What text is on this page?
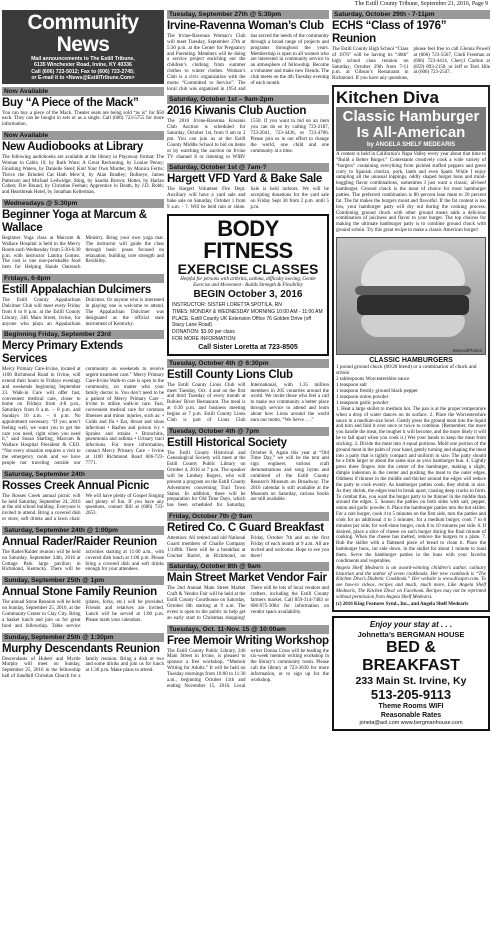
The Estill County Tribune, September 21, 2016, Page 9
Community News
Mail announcements to The Estill Tribune,
6135 Winchester Road, Irvine, KY 40336
Call (606) 723-5012; Fax to (606) 723-2745;
or E-mail it to <News@EstillTribune.Com>
Now Available
Buy “A Piece of the Mack”
You can buy a piece of the Mack. Theater seats are being sold “as is” for $50 each. They can be bought in sets or as a single. Call (606) 723-5755 for more information.
Now Available
New Audiobooks at Library
The following audiobooks are available at the library in Playaway format: The Woman in Cabin 10, by Ruth Ware; A Great Reckoning, by Louise Penny; Finishing Waters, by Danielle Steel; Knit Your Own Murder, by Monica Ferris; Thrice the Brinded Cat Hath Mew’d, by Alan Bradley; Bullseye, James Patterson and Michael Ledwidge; Sting, by Sandra Brown; Hotter, by Harlan Coben; Fire Bound, by Christine Feehan; Apprentice in Death, by J.D. Robb; and Heartbreak Hotel, by Jonathan Kellerman.
Wednesdays @ 5:30pm
Beginner Yoga at Marcum & Wallace
Beginner Yoga class at Marcum & Wallace Hospital is held in the Mercy Room each Wednesday from 5:30-6:30 p.m. with instructor Lanitra Gomez. The cost is one non-perishable food item for Helping Hands Outreach Ministry. Bring your own yoga mat. The instructor will guide the class through basic poses focused on relaxation, building core strength and flexibility.
Fridays, 6-8pm
Estill Appalachian Dulcimers
The Estill County Appalachian Dulcimer Club will meet every Friday from 6 to 8 p.m. at the Estill County Library, 246 Main Street, Irvine, for anyone who plays an Appalachian Dulcimer. Or anyone who is interested in playing one is welcome to attend. The Appalachian Dulcimer was designated as the official state instrument of Kentucky.
Beginning Friday, September 23rd
Mercy Primary Extends Services
Mercy Primary Care-Irvine, located at 1100 Richmond Road in Irvine, will extend their hours to Fridays evenings and weekends beginning September 23. Walk-in Care will offer fast, convenient medical care, closer to home on Fridays from 4-8 p.m., Saturdays from 8 a.m. – 8 p.m. and Sundays 10 a.m. – 6 p.m. No appointment necessary. “If you aren’t feeling well, we want you to get the care you need, right when you need it,” said Susan Starling, Marcum & Wallace Hospital President & CEO. “Not every situation requires a visit to the emergency room and we have people not traveling outside our community on weekends to receive urgent treatment care.” Mercy Primary Care-Irvine Walk-in care is open to the community, no matter who your family doctor is. You don’t need to be a patient of Mercy Primary Care – Irvine to utilize walk-in care. Fast, convenient medical care for common illnesses and minor injuries, such as: • Colds and flu • Ear, throat and sinus infections • Rashes and poison ivy • Sprains and strains • Bronchitis, pneumonia and asthma • Urinary tract infections. For more information, contact Mercy Primary Care – Irvine at 1100 Richmond Road 606-723-7771.
Saturday, September 24th
Rosses Creek Annual Picnic
The Rosses Creek annual picnic will be held Saturday, September 24, 2016 at the old school building. Everyone is invited to attend. Bring a covered dish or store, soft drinks and a lawn chair. We will have plenty of Gospel Singing and plenty of fun. If you have any questions, contact Bill at (606) 723-2653.
Saturday, September 24th @ 1:00pm
Annual Rader/Raider Reunion
The Rader/Raider reunion will be held on Saturday, September 24th, 2016 at Cottage Park large pavilion in Richmond, Kentucky. There will be activities starting at 11:00 a.m., with covered dish lunch at 1:00 p.m. Please bring a covered dish and soft drinks enough for your attendees.
Sunday, September 25th @ 1pm
Annual Stone Family Reunion
The annual Stone Reunion will be held on Sunday, September 25, 2016, at the Community Center in Clay City. Bring a basket lunch and join us for great food and fellowship. Table service (plates, forks, etc.) will be provided. Friends and relatives are invited. Lunch will be served at 1:00 p.m. Please mark your calendars.
Sunday, September 25th @ 1:30pm
Murphy Descendants Reunion
Descendants of Hubert and Myrtle Murphy will meet on Sunday, September 25, 2016 in the fellowship hall of Sandhill Christian Church for a family reunion. Bring a dish or two and some drinks and join us for lunch at 1:30 p.m. Make plans to attend.
Tuesday, September 27th @ 5:30pm
Irvine-Ravenna Woman’s Club
The Irvine-Ravenna Woman’s Club will meet Tuesday, September 27th at 5:30 p.m. at the Center for Pregnancy and Parenting. Members will be doing a service project enriching our the children’s clothing from summer clothes to winter clothes. Woman’s Club is a civic organization with the motto “Committed to Service”. The local club was organized in 1954 and has served the needs of the community through a broad range of projects and programs throughout the years. Membership is open to all women who are interested in community service in an atmosphere of fellowship. Become a volunteer and make new friends. The club meets on the 4th Tuesday evening of each month.
Saturday, October 1st – 9am-2pm
2016 Kiwanis Club Auction
The 2016 Irvine-Ravenna Kiwanis Club Auction is scheduled for Saturday, October 1st, from 9 am to 2 pm. You can join us at the Estill County Middle School to bid on items or by watching the auction on Irvine TV channel 8 or listening to WIRV 1550. If you want to bid on an item you can do so by calling 723-2187, 723-2041, 723-4436, or 723-4706. Please join us in our effort to change the world, one child and one community at a time.
Saturday, October 1st @ 7am-?
Hargett VFD Yard & Bake Sale
The Hargett Volunteer Fire Dept. Auxiliary will have a yard sale and bake sale on Saturday, October 1 from 9 a.m. - ?. Will be held rain or shine. Sale is held indoors. We will be accepting donations for the yard sale on Friday Sept 30 from 2 p.m. until 5 p.m.
BODY FITNESS
EXERCISE CLASSES
Helpful for persons with arthritis, asthma, difficulty moving, Gentle Exercise and Movement - Builds Strength & Flexibility
BEGIN October 3, 2016
INSTRUCTOR: SISTER LORETTA SPOTILA, RN
TIMES: MONDAY & WEDNESDAY MORNING 10:00 AM - 11:00 AM
PLACE: Estill County UK Extension Office 76 Golden Drive (off Stacy Lane Road)
DONATION: $3.00 per class
FOR MORE INFORMATION:
Call Sister Loretta at 723-8505
Tuesday, October 4th @ 6:30pm
Estill County Lions Club
The Estill County Lions Club will meet Tuesday, Oct. 4 and on the first and third Tuesday of every month at Rubies’ River Restaurant. The meal is at 6:30 p.m. and business meeting begins at 7 p.m. Estill County Lions Club is part of Lions Club International, with 1.35 million members in 205 countries around the world. We invite those who feel a call to make our community a better place through service to attend and learn about how Lions around the world earn our motto, “We Serve . . .”
Tuesday, October 4th @ 7pm
Estill Historical Society
The Estill County Historical and Genealogical Society will meet at the Estill County Public Library on October 4, 2016 at 7 p.m. The speaker will be Lindsey Rogers, who will present a program on the Estill County Adventures concerning Trail Town Status. In addition, there will be preparation for Old Time Days, which has been scheduled for Saturday, October 8, Again this year at “Old Time Day,” we will be the tent and sign engineer, various craft demonstrations and song hymn and combined of the Estill County Research Museum on Broadway. The 2016 calendar is still available at the Museum on Saturday, various books are still available.
Friday, October 7th @ 9am
Retired Co. C Guard Breakfast
Attention: All retired and old National Guard members of Charlie Company 1/149th. There will be a breakfast at Cracker Barrel, in Richmond, on Friday, October 7th and on the first Friday of each month at 9 a.m. All are invited and welcome. Hope to see you there!
Saturday, October 8th @ 9am
Main Street Market Vendor Fair
The 2nd Annual Main Street Market Craft & Vendor Fair will be held at the Estill County Courthouse on Saturday, October 8th starting at 9 a.m. The event is open to the public to help get an early start to Christmas shopping! There will be lots of local vendors and crafters, including the Estill County farmers market. Call 859-314-7483 or 606-975-3084 for information on vendor space availability.
Tuesdays, Oct. 11-Nov. 15 @ 10:00am
Free Memoir Writing Workshop
The Estill County Public Library, 246 Main Street in Irvine, is pleased to sponsor a free workshop, “Memoir Writing for Adults.” It will be held on Tuesday mornings from 10:00 to 11:30 a.m., beginning October 11th and ending November 15, 2016. Local writer Donna Cross will be leading the six-week memoir writing workshop in the library’s community room. Please call the library at 723-3030 for more information, or to sign up for the workshop.
Saturday, October 29th - 7-11pm
ECHS “Class of 1976” Reunion
The Estill County High School “Class of 1976” will be having its “40th” high school class reunion on Saturday, October 29th from 7-11 p.m. at Gibson’s Restaurant in Richmond. If you have any questions, please feel free to call Glenna Powell at (606) 723-5567, Cindi Freeman at (606) 723-4414, Cheryl Carlton at (859) 893-2150, or Jeff or Terri Hile at (606) 723-2547.
Kitchen Diva
Classic Hamburger Is All-American
by ANGELA SHELF MEDEARIS
A contest is held in California’s Napa Valley every year about that time to “Build a Better Burger.” Contestants creatively cook a wide variety of “burgers” containing everything from pickled stuffed peppers and green curry to Spanish chorizo, pork, lamb and even Spam. While I enjoy sampling all the unusual toppings, oddly shaped burger buns and mind-boggling flavor combinations, sometimes I just want a classic, all-beef hamburger. Ground chuck is the meat of choice for most hamburger patties. The preferred combination is 80 percent lean meat to 20 percent fat. The fat makes the burgers moist and flavorful. If the fat content is too low, your hamburger patty will dry out during the cooking process. Combining ground chuck with other ground meats adds a delicious combination of juiciness and flavor to your burger. The top choices for making the ultimate hamburger patty is to combine ground chuck with ground sirloin. Try this great recipe to make a classic American burger!
DepositPhotos
CLASSIC HAMBURGERS
1 pound ground chuck (80/20 blend) or a combination of chuck and sirloin
2 tablespoons Worcestershire sauce
1 teaspoon salt
1 teaspoon freshly ground black pepper
1 teaspoon onion powder
1 teaspoon garlic powder
1. Heat a large skillet to medium hot. The pan is at the proper temperature when a drop of water dances on its surface. 2. Place the Worcestershire sauce in a medium-size bowl. Gently press the ground meat into the liquid and turn and fold it over once or twice to combine. (Remember, the more you handle the meat, the tougher it will become, and the more likely it will be to fall apart when you cook it.) Wet your hands to keep the meat from sticking. 3. Divide the meat into 4 equal portions. Mold one portion of the ground meat in the palm of your hand, gently turning and shaping the meat into a patty that is tightly compact and uniform in size. The patty should be a little larger or about the same size as your hamburger bun. 4. Lightly press three fingers into the center of the hamburger, making a slight, dimple indention in the center and pushing the meat to the outer edges. Oddness if thinner in the middle and thicker around the edges will reduce the patty to cook evenly. As hamburger patties cook, they shrink in size. As they shrink, the edges tend to break apart, causing deep cracks to form. To combat this, you want the burger patty to be thinner in the middle than around the edges. 5. Season the patties on both sides with salt, pepper, onion and garlic powder. 6. Place the hamburger patties into the hot skillet. For a rare burger, cook 4 to 5 minutes on the first side, turn the patties and cook for an additional 4 to 5 minutes; for a medium burger, cook 7 to 8 minutes per side; for well-done burger, cook 8 to 10 minutes per side. 6. If desired, place a slice of cheese on each burger during the final minute of cooking. When the cheese has melted, remove the burgers to a plate. 7. Rub the skillet with a flattened piece of bread to clean it. Place the hamburger buns, cut side down, in the skillet for about 1 minute to toast them. Serve the hamburger patties in the buns with your favorite condiments and vegetables.
Angela Shelf Medearis is an award-winning children’s author, culinary historian and the author of seven cookbooks. Her new cookbook is “The Kitchen Diva’s Diabetic Cookbook.” Her website is www.divapro.com. To see how-to videos, recipes and much, much more, Like Angela Shelf Medearis, The Kitchen Diva! on Facebook. Recipes may not be reprinted without permission from Angela Shelf Medearis.
(c) 2016 King Features Synd., Inc., and Angela Shelf Medearis
Enjoy your stay at . . .
Johnetta’s BERGMAN HOUSE
BED & BREAKFAST
233 Main St. Irvine, Ky
513-205-9113
Theme Rooms WIFI
Reasonable Rates
joneta@aol.com www.bergmanhouse.com
